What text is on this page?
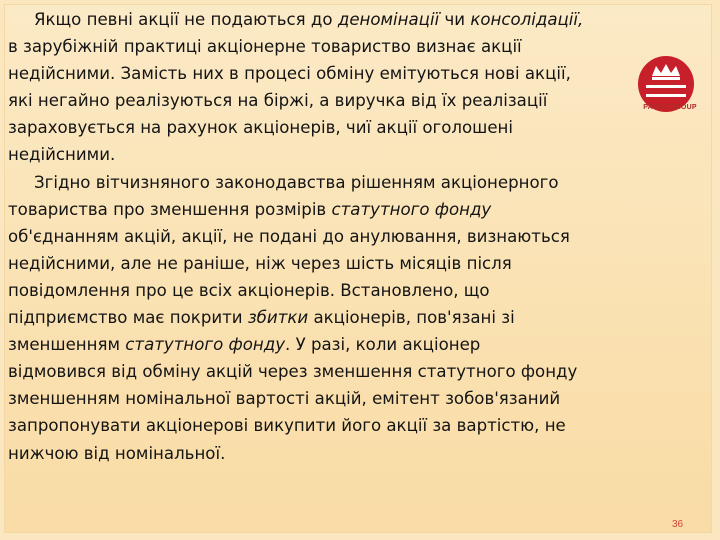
PAREX GROUP

Якщо певні акції не подаються до деномінації чи консолідації,
в зарубіжній практиці акціонерне товариство визнає акції
недійсними. Замість них в процесі обміну емітуються нові акції,
які негайно реалізуються на біржі, а виручка від їх реалізації
зараховується на рахунок акціонерів, чиї акції оголошені
недійсними.

Згідно вітчизняного законодавства рішенням акціонерного
товариства про зменшення розмірів статутного фонду
об'єднанням акцій, акції, не подані до анулювання, визнаються
недійсними, але не раніше, ніж через шість місяців після
повідомлення про це всіх акціонерів. Встановлено, що
підприємство має покрити збитки акціонерів, пов'язані зі
зменшенням статутного фонду. У разі, коли акціонер
відмовився від обміну акцій через зменшення статутного фонду
зменшенням номінальної вартості акцій, емітент зобов'язаний
запропонувати акціонерові викупити його акції за вартістю, не
нижчою від номінальної.

36
